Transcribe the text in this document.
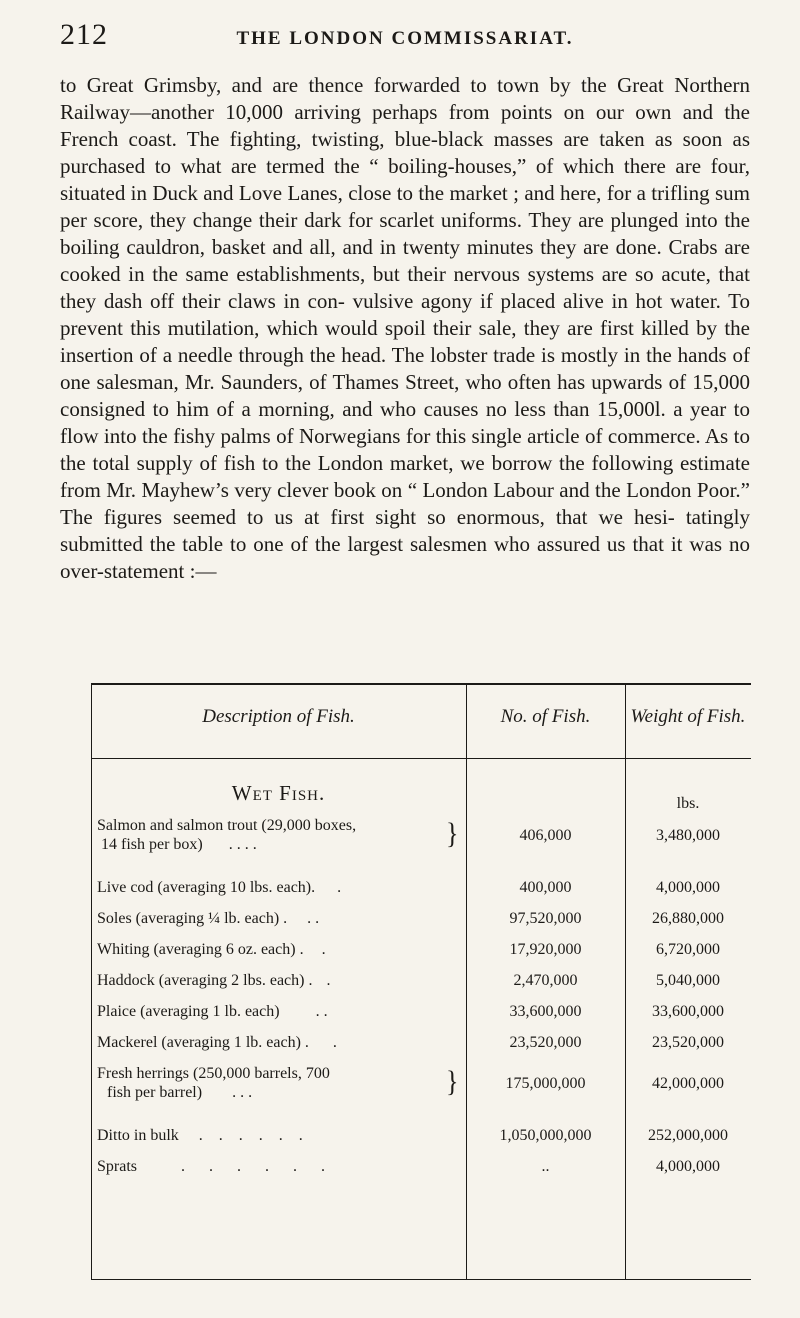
212	THE LONDON COMMISSARIAT.

to Great Grimsby, and are thence forwarded to town by the Great Northern Railway—another 10,000 arriving perhaps from points on our own and the French coast. The fighting, twisting, blue-black masses are taken as soon as purchased to what are termed the “ boiling-houses,” of which there are four, situated in Duck and Love Lanes, close to the market ; and here, for a trifling sum per score, they change their dark for scarlet uniforms. They are plunged into the boiling cauldron, basket and all, and in twenty minutes they are done. Crabs are cooked in the same establishments, but their nervous systems are so acute, that they dash off their claws in con- vulsive agony if placed alive in hot water. To prevent this mutilation, which would spoil their sale, they are first killed by the insertion of a needle through the head. The lobster trade is mostly in the hands of one salesman, Mr. Saunders, of Thames Street, who often has upwards of 15,000 consigned to him of a morning, and who causes no less than 15,000l. a year to flow into the fishy palms of Norwegians for this single article of commerce. As to the total supply of fish to the London market, we borrow the following estimate from Mr. Mayhew’s very clever book on “ London Labour and the London Poor.” The figures seemed to us at first sight so enormous, that we hesi- tatingly submitted the table to one of the largest salesmen who assured us that it was no over-statement :—

Description of Fish.	No. of Fish.	Weight of Fish.
Wet Fish.	lbs.
Salmon and salmon trout (29,000 boxes,
14 fish per box) . . . .	}	406,000	3,480,000
Live cod (averaging 10 lbs. each). .	400,000	4,000,000
Soles (averaging ¼ lb. each) . . .	97,520,000	26,880,000
Whiting (averaging 6 oz. each) . .	17,920,000	6,720,000
Haddock (averaging 2 lbs. each) . .	2,470,000	5,040,000
Plaice (averaging 1 lb. each) . .	33,600,000	33,600,000
Mackerel (averaging 1 lb. each) . .	23,520,000	23,520,000
Fresh herrings (250,000 barrels, 700
fish per barrel) . . .	}	175,000,000	42,000,000
Ditto in bulk . . . . . .	1,050,000,000	252,000,000
Sprats	. . . . . .	..	4,000,000
